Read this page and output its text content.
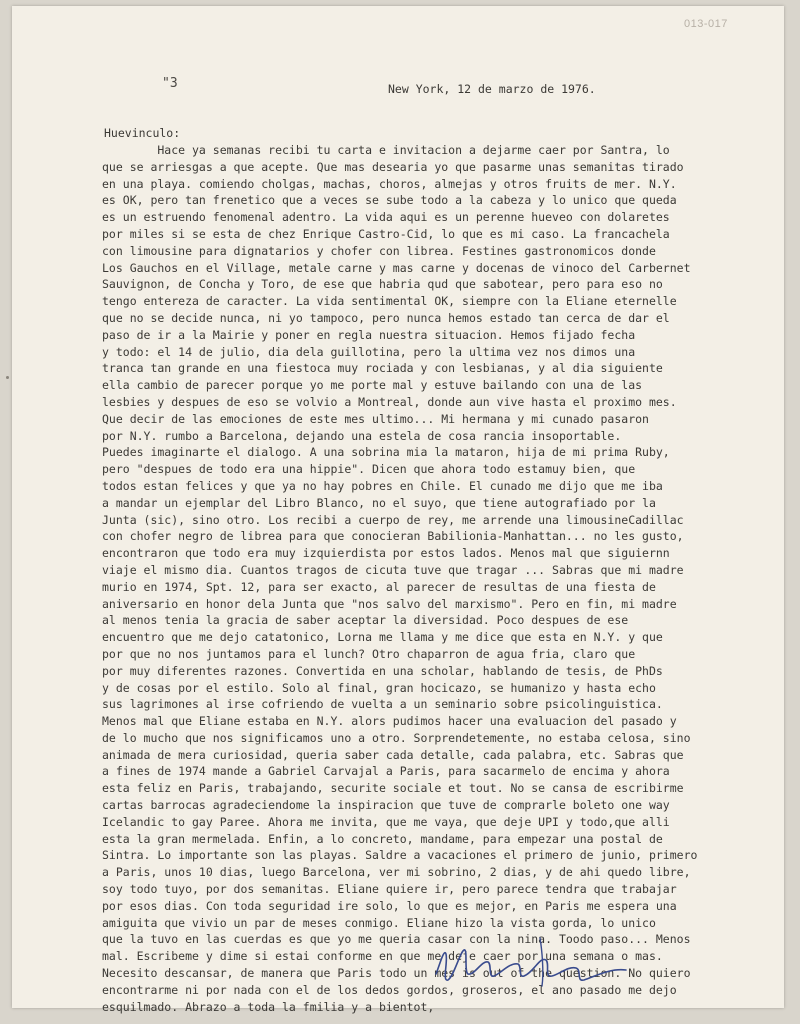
013-017
"3	New York, 12 de marzo de 1976.
Huevinculo:
Hace ya semanas recibi tu carta e invitacion a dejarme caer por Santra, lo
que se arriesgas a que acepte. Que mas desearia yo que pasarme unas semanitas tirado
en una playa. comiendo cholgas, machas, choros, almejas y otros fruits de mer. N.Y.
es OK, pero tan frenetico que a veces se sube todo a la cabeza y lo unico que queda
es un estruendo fenomenal adentro. La vida aqui es un perenne hueveo con dolaretes
por miles si se esta de chez Enrique Castro-Cid, lo que es mi caso. La francachela
con limousine para dignatarios y chofer con librea. Festines gastronomicos donde
Los Gauchos en el Village, metale carne y mas carne y docenas de vinoco del Carbernet
Sauvignon, de Concha y Toro, de ese que habria qud que sabotear, pero para eso no
tengo entereza de caracter. La vida sentimental OK, siempre con la Eliane eternelle
que no se decide nunca, ni yo tampoco, pero nunca hemos estado tan cerca de dar el
paso de ir a la Mairie y poner en regla nuestra situacion. Hemos fijado fecha
y todo: el 14 de julio, dia dela guillotina, pero la ultima vez nos dimos una
tranca tan grande en una fiestoca muy rociada y con lesbianas, y al dia siguiente
ella cambio de parecer porque yo me porte mal y estuve bailando con una de las
lesbies y despues de eso se volvio a Montreal, donde aun vive hasta el proximo mes.
Que decir de las emociones de este mes ultimo... Mi hermana y mi cunado pasaron
por N.Y. rumbo a Barcelona, dejando una estela de cosa rancia insoportable.
Puedes imaginarte el dialogo. A una sobrina mia la mataron, hija de mi prima Ruby,
pero "despues de todo era una hippie". Dicen que ahora todo estamuy bien, que
todos estan felices y que ya no hay pobres en Chile. El cunado me dijo que me iba
a mandar un ejemplar del Libro Blanco, no el suyo, que tiene autografiado por la
Junta (sic), sino otro. Los recibi a cuerpo de rey, me arrende una limousineCadillac
con chofer negro de librea para que conocieran Babilionia-Manhattan... no les gusto,
encontraron que todo era muy izquierdista por estos lados. Menos mal que siguiernn
viaje el mismo dia. Cuantos tragos de cicuta tuve que tragar ... Sabras que mi madre
murio en 1974, Spt. 12, para ser exacto, al parecer de resultas de una fiesta de
aniversario en honor dela Junta que "nos salvo del marxismo". Pero en fin, mi madre
al menos tenia la gracia de saber aceptar la diversidad. Poco despues de ese
encuentro que me dejo catatonico, Lorna me llama y me dice que esta en N.Y. y que
por que no nos juntamos para el lunch? Otro chaparron de agua fria, claro que
por muy diferentes razones. Convertida en una scholar, hablando de tesis, de PhDs
y de cosas por el estilo. Solo al final, gran hocicazo, se humanizo y hasta echo
sus lagrimones al irse cofriendo de vuelta a un seminario sobre psicolinguistica.
Menos mal que Eliane estaba en N.Y. alors pudimos hacer una evaluacion del pasado y
de lo mucho que nos significamos uno a otro. Sorprendetemente, no estaba celosa, sino
animada de mera curiosidad, queria saber cada detalle, cada palabra, etc. Sabras que
a fines de 1974 mande a Gabriel Carvajal a Paris, para sacarmelo de encima y ahora
esta feliz en Paris, trabajando, securite sociale et tout. No se cansa de escribirme
cartas barrocas agradeciendome la inspiracion que tuve de comprarle boleto one way
Icelandic to gay Paree. Ahora me invita, que me vaya, que deje UPI y todo,que alli
esta la gran mermelada. Enfin, a lo concreto, mandame, para empezar una postal de
Sintra. Lo importante son las playas. Saldre a vacaciones el primero de junio, primero
a Paris, unos 10 dias, luego Barcelona, ver mi sobrino, 2 dias, y de ahi quedo libre,
soy todo tuyo, por dos semanitas. Eliane quiere ir, pero parece tendra que trabajar
por esos dias. Con toda seguridad ire solo, lo que es mejor, en Paris me espera una
amiguita que vivio un par de meses conmigo. Eliane hizo la vista gorda, lo unico
que la tuvo en las cuerdas es que yo me queria casar con la nina. Toodo paso... Menos
mal. Escribeme y dime si estai conforme en que me deje caer por una semana o mas.
Necesito descansar, de manera que Paris todo un mes is out of the question. No quiero
encontrarme ni por nada con el de los dedos gordos, groseros, el ano pasado me dejo
esquilmado. Abrazo a toda la fmilia y a bientot,
